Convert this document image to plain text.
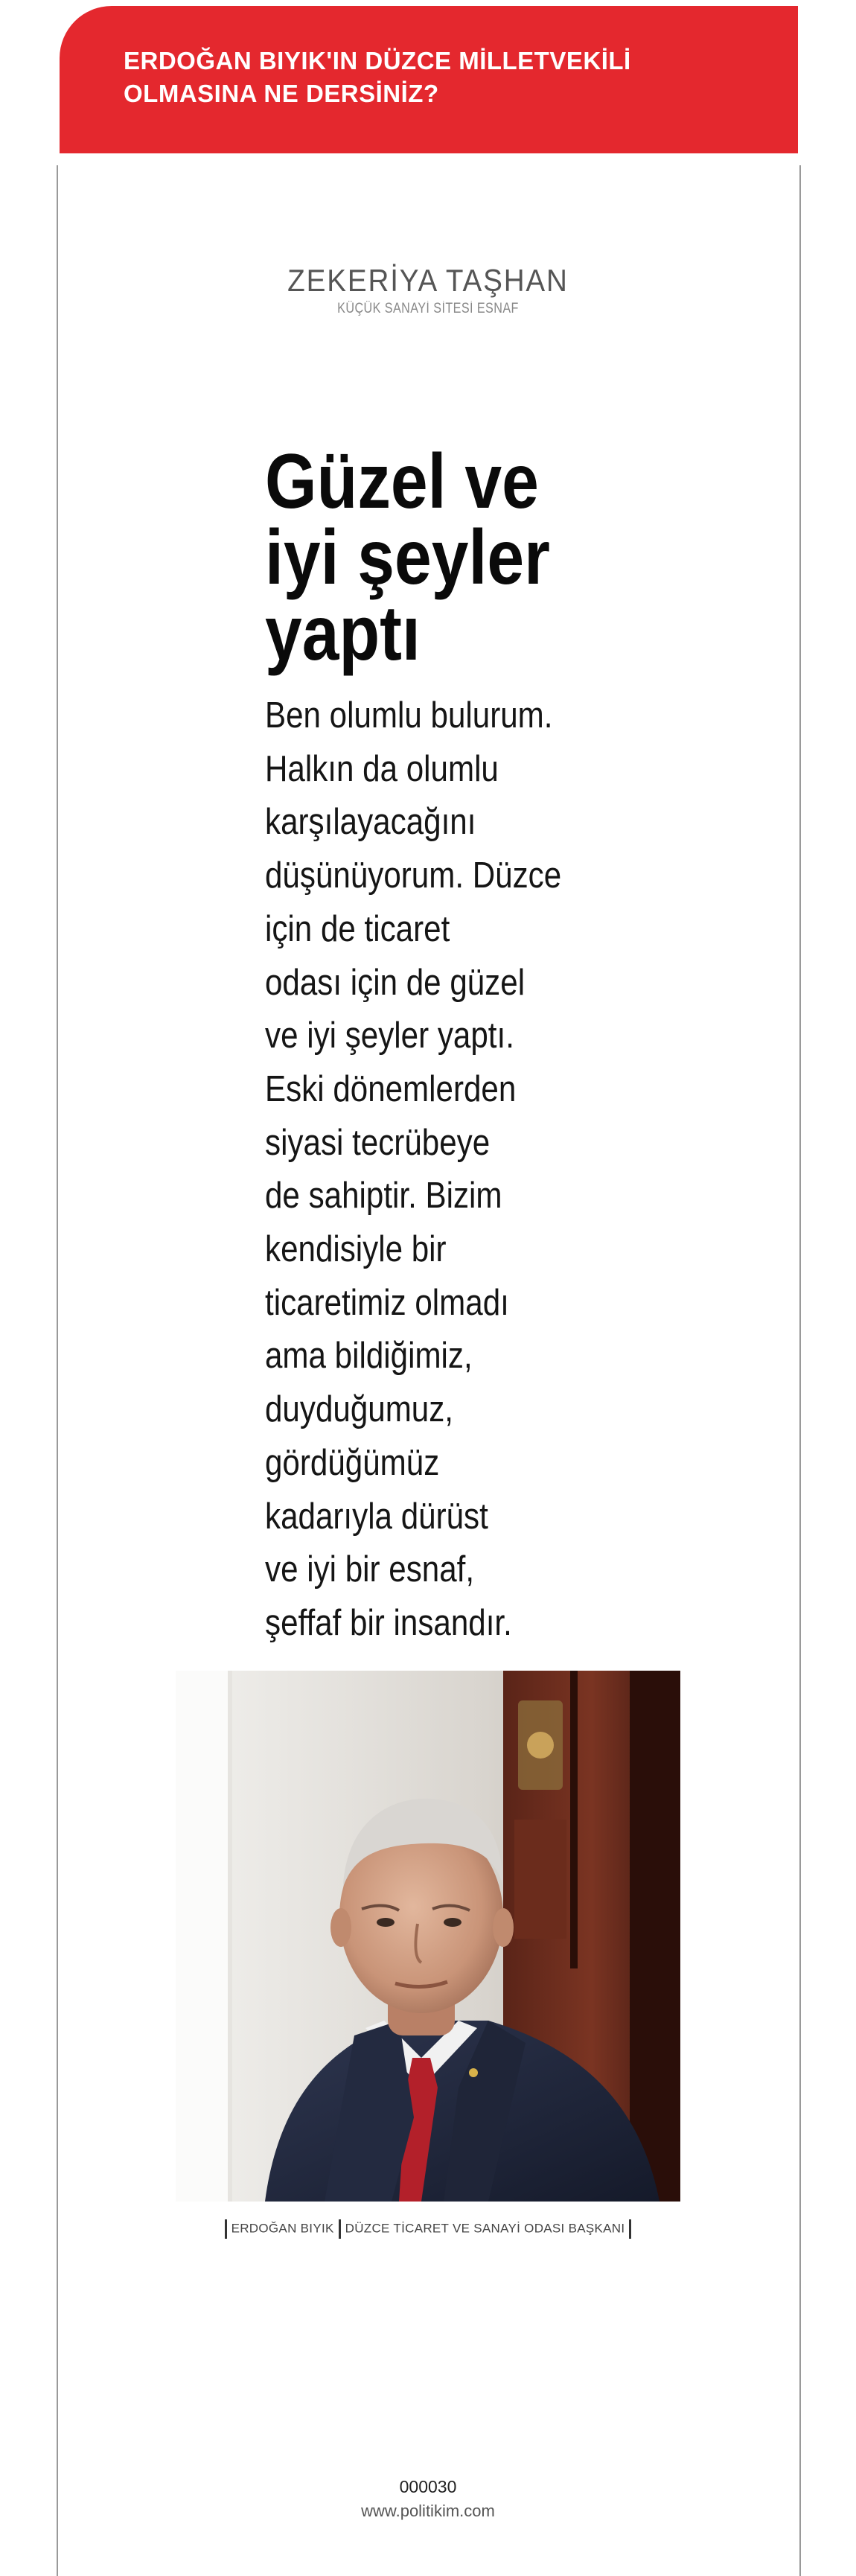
ERDOĞAN BIYIK'IN DÜZCE MİLLETVEKİLİ
OLMASINA NE DERSİNİZ?
ZEKERİYA TAŞHAN
KÜÇÜK SANAYİ SİTESİ ESNAF
Güzel ve
iyi şeyler
yaptı

Ben olumlu bulurum.
Halkın da olumlu
karşılayacağını
düşünüyorum. Düzce
için de ticaret
odası için de güzel
ve iyi şeyler yaptı.
Eski dönemlerden
siyasi tecrübeye
de sahiptir. Bizim
kendisiyle bir
ticaretimiz olmadı
ama bildiğimiz,
duyduğumuz,
gördüğümüz
kadarıyla dürüst
ve iyi bir esnaf,
şeffaf bir insandır.

ERDOĞAN BIYIK DÜZCE TİCARET VE SANAYİ ODASI BAŞKANI
000030
www.politikim.com
